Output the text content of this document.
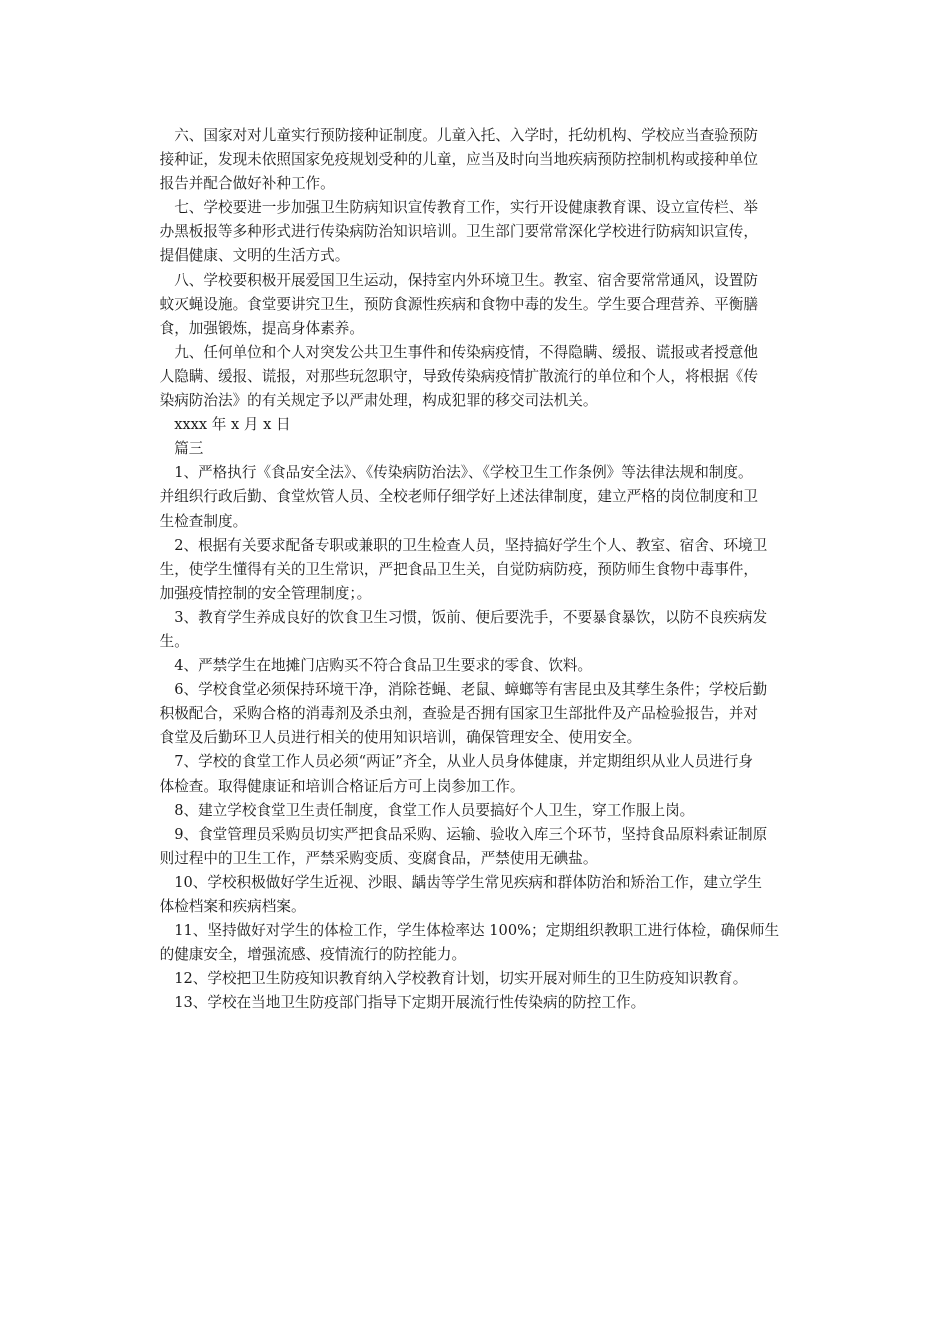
六、国家对对儿童实行预防接种证制度。儿童入托、入学时，托幼机构、学校应当查验预防
接种证，发现未依照国家免疫规划受种的儿童，应当及时向当地疾病预防控制机构或接种单位
报告并配合做好补种工作。
七、学校要进一步加强卫生防病知识宣传教育工作，实行开设健康教育课、设立宣传栏、举
办黑板报等多种形式进行传染病防治知识培训。卫生部门要常常深化学校进行防病知识宣传，
提倡健康、文明的生活方式。
八、学校要积极开展爱国卫生运动，保持室内外环境卫生。教室、宿舍要常常通风，设置防
蚊灭蝇设施。食堂要讲究卫生，预防食源性疾病和食物中毒的发生。学生要合理营养、平衡膳
食，加强锻炼，提高身体素养。
九、任何单位和个人对突发公共卫生事件和传染病疫情，不得隐瞒、缓报、谎报或者授意他
人隐瞒、缓报、谎报，对那些玩忽职守，导致传染病疫情扩散流行的单位和个人，将根据《传
染病防治法》的有关规定予以严肃处理，构成犯罪的移交司法机关。
xxxx 年 x 月 x 日
篇三
1、严格执行《食品安全法》、《传染病防治法》、《学校卫生工作条例》等法律法规和制度。
并组织行政后勤、食堂炊管人员、全校老师仔细学好上述法律制度，建立严格的岗位制度和卫
生检查制度。
2、根据有关要求配备专职或兼职的卫生检查人员，坚持搞好学生个人、教室、宿舍、环境卫
生，使学生懂得有关的卫生常识，严把食品卫生关，自觉防病防疫，预防师生食物中毒事件，
加强疫情控制的安全管理制度；。
3、教育学生养成良好的饮食卫生习惯，饭前、便后要洗手，不要暴食暴饮，以防不良疾病发
生。
4、严禁学生在地摊门店购买不符合食品卫生要求的零食、饮料。
6、学校食堂必须保持环境干净，消除苍蝇、老鼠、蟑螂等有害昆虫及其孳生条件；学校后勤
积极配合，采购合格的消毒剂及杀虫剂，查验是否拥有国家卫生部批件及产品检验报告，并对
食堂及后勤环卫人员进行相关的使用知识培训，确保管理安全、使用安全。
7、学校的食堂工作人员必须“两证”齐全，从业人员身体健康，并定期组织从业人员进行身
体检查。取得健康证和培训合格证后方可上岗参加工作。
8、建立学校食堂卫生责任制度，食堂工作人员要搞好个人卫生，穿工作服上岗。
9、食堂管理员采购员切实严把食品采购、运输、验收入库三个环节，坚持食品原料索证制原
则过程中的卫生工作，严禁采购变质、变腐食品，严禁使用无碘盐。
10、学校积极做好学生近视、沙眼、龋齿等学生常见疾病和群体防治和矫治工作，建立学生
体检档案和疾病档案。
11、坚持做好对学生的体检工作，学生体检率达 100%；定期组织教职工进行体检，确保师生
的健康安全，增强流感、疫情流行的防控能力。
12、学校把卫生防疫知识教育纳入学校教育计划，切实开展对师生的卫生防疫知识教育。
13、学校在当地卫生防疫部门指导下定期开展流行性传染病的防控工作。
